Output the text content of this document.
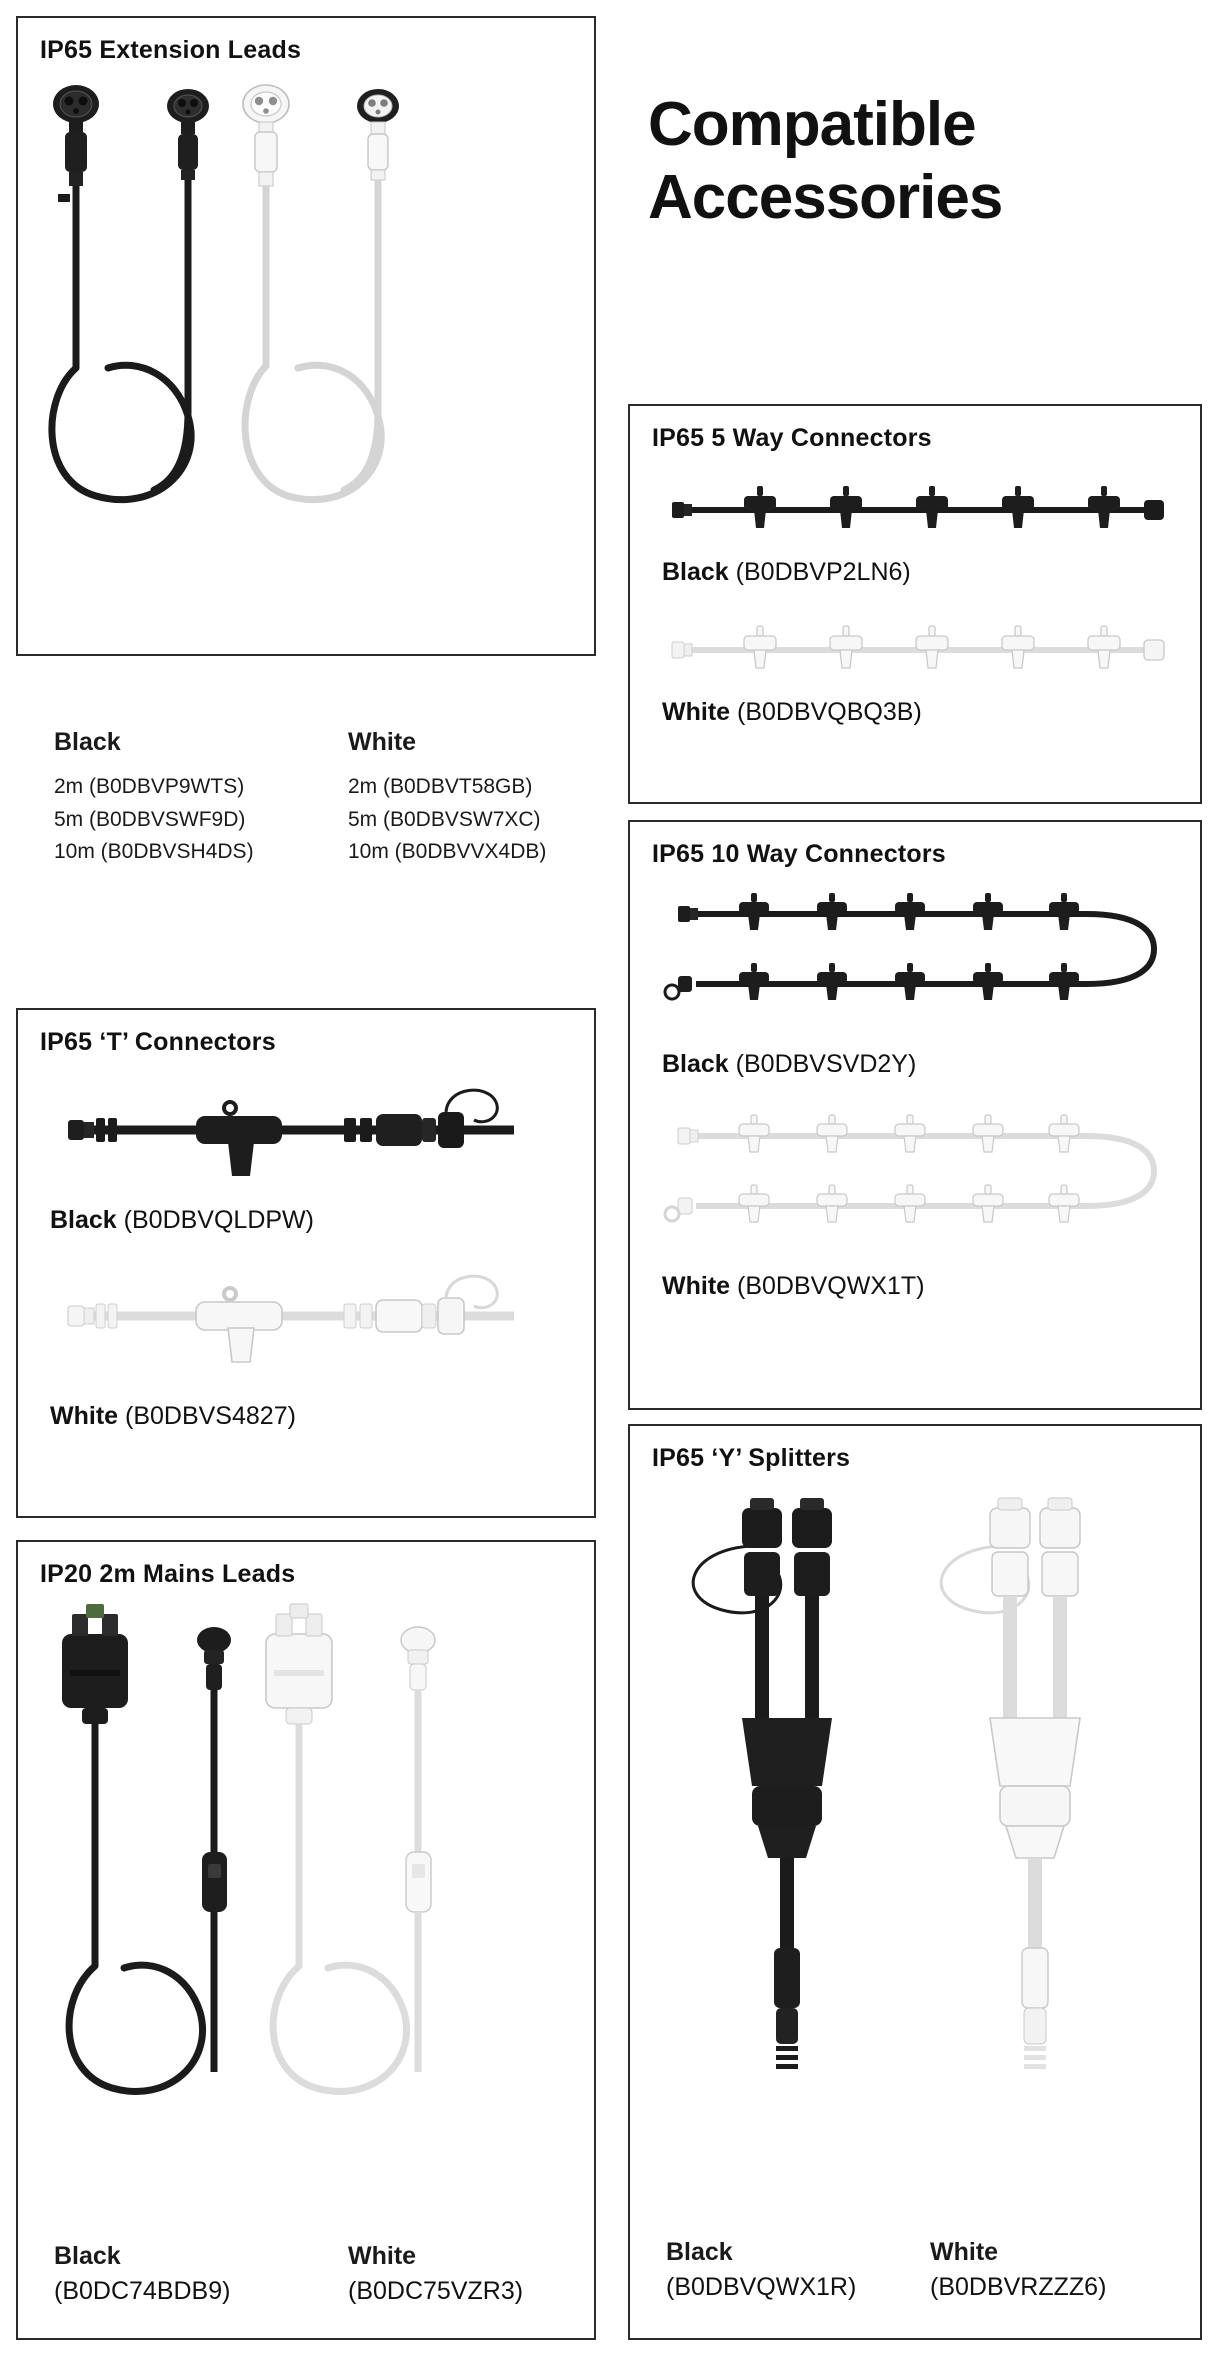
Compatible Accessories
IP65 Extension Leads
Black
2m (B0DBVP9WTS)
5m (B0DBVSWF9D)
10m (B0DBVSH4DS)
White
2m (B0DBVT58GB)
5m (B0DBVSW7XC)
10m (B0DBVVX4DB)
IP65 ‘T’ Connectors
Black (B0DBVQLDPW)
White (B0DBVS4827)
IP20 2m Mains Leads
Black
(B0DC74BDB9)
White
(B0DC75VZR3)
IP65 5 Way Connectors
Black (B0DBVP2LN6)
White (B0DBVQBQ3B)
IP65 10 Way Connectors
Black (B0DBVSVD2Y)
White (B0DBVQWX1T)
IP65 ‘Y’ Splitters
Black
(B0DBVQWX1R)
White
(B0DBVRZZZ6)
